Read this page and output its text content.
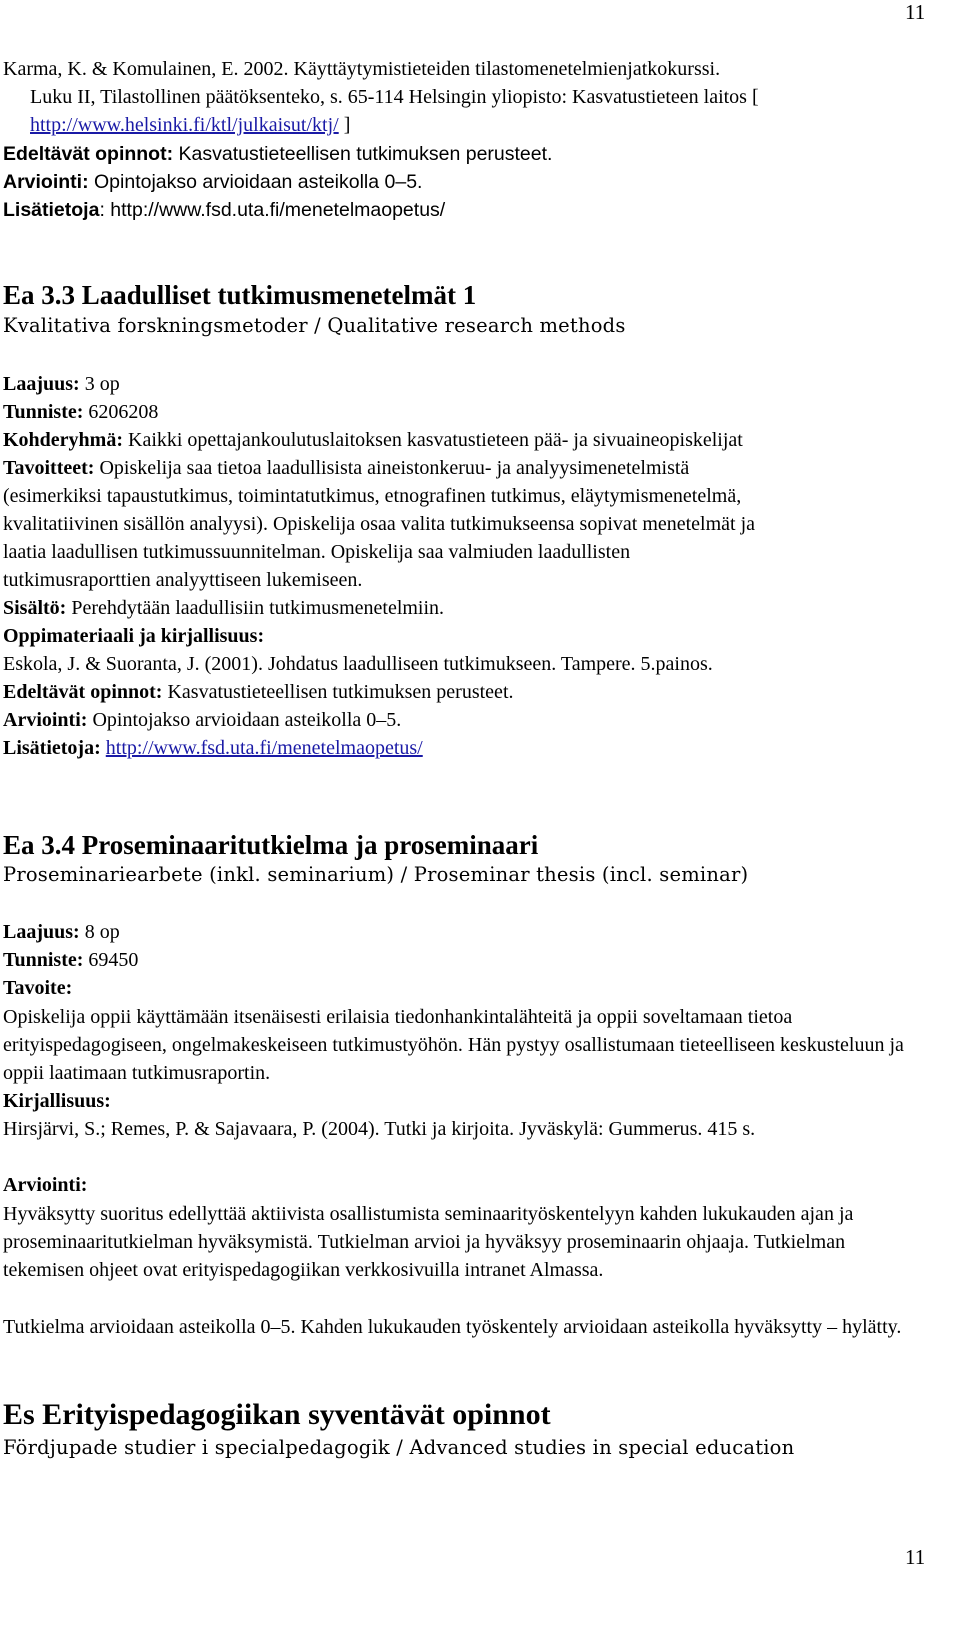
11
Karma, K. & Komulainen, E. 2002. Käyttäytymistieteiden tilastomenetelmienjatkokurssi.
Luku II, Tilastollinen päätöksenteko, s. 65-114 Helsingin yliopisto: Kasvatustieteen laitos [
http://www.helsinki.fi/ktl/julkaisut/ktj/ ]
Edeltävät opinnot: Kasvatustieteellisen tutkimuksen perusteet.
Arviointi: Opintojakso arvioidaan asteikolla 0–5.
Lisätietoja: http://www.fsd.uta.fi/menetelmaopetus/
Ea 3.3 Laadulliset tutkimusmenetelmät 1
Kvalitativa forskningsmetoder / Qualitative research methods
Laajuus: 3 op
Tunniste: 6206208
Kohderyhmä: Kaikki opettajankoulutuslaitoksen kasvatustieteen pää- ja sivuaineopiskelijat
Tavoitteet: Opiskelija saa tietoa laadullisista aineistonkeruu- ja analyysimenetelmistä
(esimerkiksi tapaustutkimus, toimintatutkimus, etnografinen tutkimus, eläytymismenetelmä,
kvalitatiivinen sisällön analyysi). Opiskelija osaa valita tutkimukseensa sopivat menetelmät ja
laatia laadullisen tutkimussuunnitelman. Opiskelija saa valmiuden laadullisten
tutkimusraporttien analyyttiseen lukemiseen.
Sisältö: Perehdytään laadullisiin tutkimusmenetelmiin.
Oppimateriaali ja kirjallisuus:
Eskola, J. & Suoranta, J. (2001). Johdatus laadulliseen tutkimukseen. Tampere. 5.painos.
Edeltävät opinnot: Kasvatustieteellisen tutkimuksen perusteet.
Arviointi: Opintojakso arvioidaan asteikolla 0–5.
Lisätietoja: http://www.fsd.uta.fi/menetelmaopetus/
Ea 3.4 Proseminaaritutkielma ja proseminaari
Proseminariearbete (inkl. seminarium) / Proseminar thesis (incl. seminar)
Laajuus: 8 op
Tunniste: 69450
Tavoite:
Opiskelija oppii käyttämään itsenäisesti erilaisia tiedonhankintalähteitä ja oppii soveltamaan tietoa erityispedagogiseen, ongelmakeskeiseen tutkimustyöhön. Hän pystyy osallistumaan tieteelliseen keskusteluun ja oppii laatimaan tutkimusraportin.
Kirjallisuus:
Hirsjärvi, S.; Remes, P. & Sajavaara, P. (2004). Tutki ja kirjoita. Jyväskylä: Gummerus. 415 s.
Arviointi:
Hyväksytty suoritus edellyttää aktiivista osallistumista seminaarityöskentelyyn kahden lukukauden ajan ja proseminaaritutkielman hyväksymistä. Tutkielman arvioi ja hyväksyy proseminaarin ohjaaja. Tutkielman tekemisen ohjeet ovat erityispedagogiikan verkkosivuilla intranet Almassa.
Tutkielma arvioidaan asteikolla 0–5. Kahden lukukauden työskentely arvioidaan asteikolla hyväksytty – hylätty.
Es Erityispedagogiikan syventävät opinnot
Fördjupade studier i specialpedagogik / Advanced studies in special education
11
